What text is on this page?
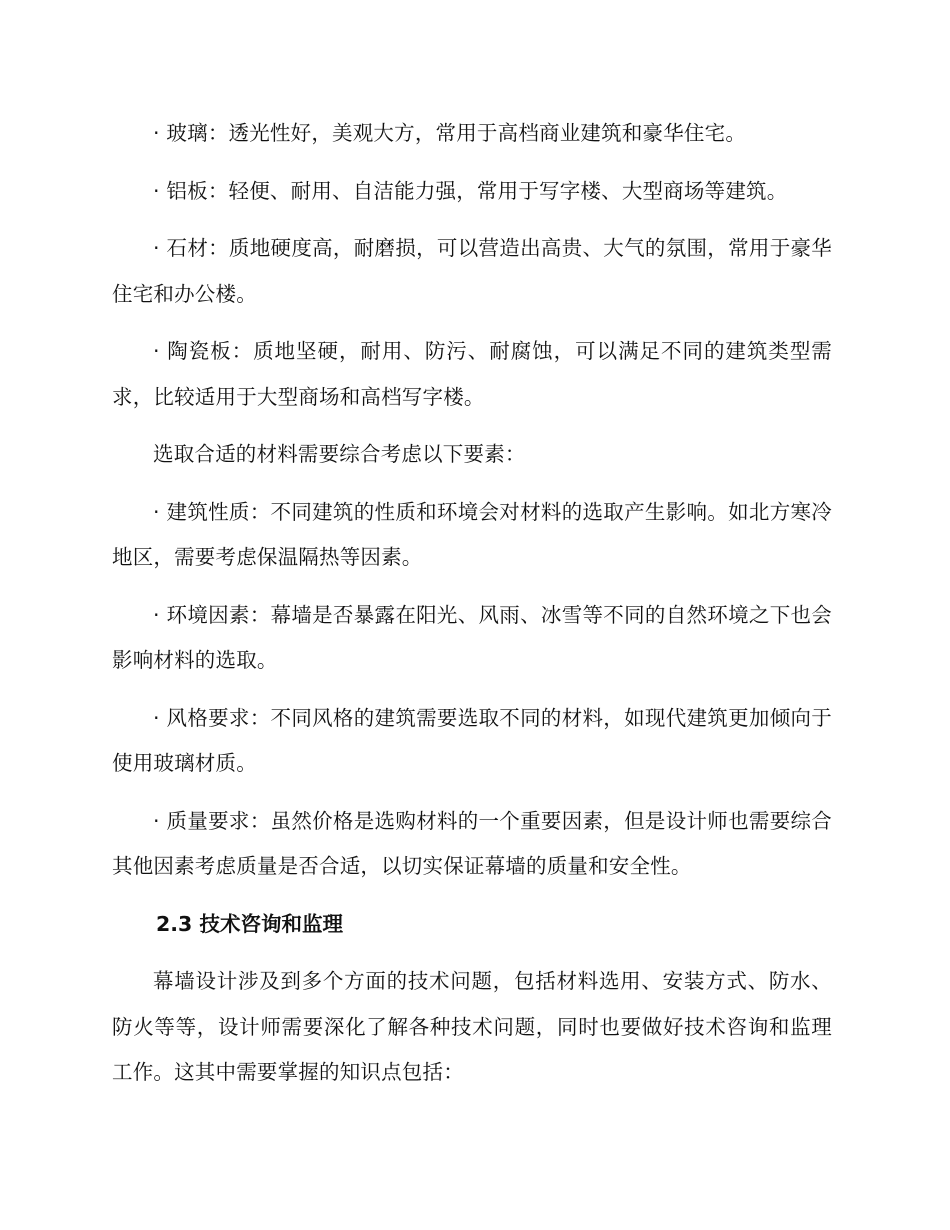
· 玻璃：透光性好，美观大方，常用于高档商业建筑和豪华住宅。

· 铝板：轻便、耐用、自洁能力强，常用于写字楼、大型商场等建筑。

· 石材：质地硬度高，耐磨损，可以营造出高贵、大气的氛围，常用于豪华住宅和办公楼。

· 陶瓷板：质地坚硬，耐用、防污、耐腐蚀，可以满足不同的建筑类型需求，比较适用于大型商场和高档写字楼。

选取合适的材料需要综合考虑以下要素：

· 建筑性质：不同建筑的性质和环境会对材料的选取产生影响。如北方寒冷地区，需要考虑保温隔热等因素。

· 环境因素：幕墙是否暴露在阳光、风雨、冰雪等不同的自然环境之下也会影响材料的选取。

· 风格要求：不同风格的建筑需要选取不同的材料，如现代建筑更加倾向于使用玻璃材质。

· 质量要求：虽然价格是选购材料的一个重要因素，但是设计师也需要综合其他因素考虑质量是否合适，以切实保证幕墙的质量和安全性。

2.3 技术咨询和监理

幕墙设计涉及到多个方面的技术问题，包括材料选用、安装方式、防水、防火等等，设计师需要深化了解各种技术问题，同时也要做好技术咨询和监理工作。这其中需要掌握的知识点包括：
